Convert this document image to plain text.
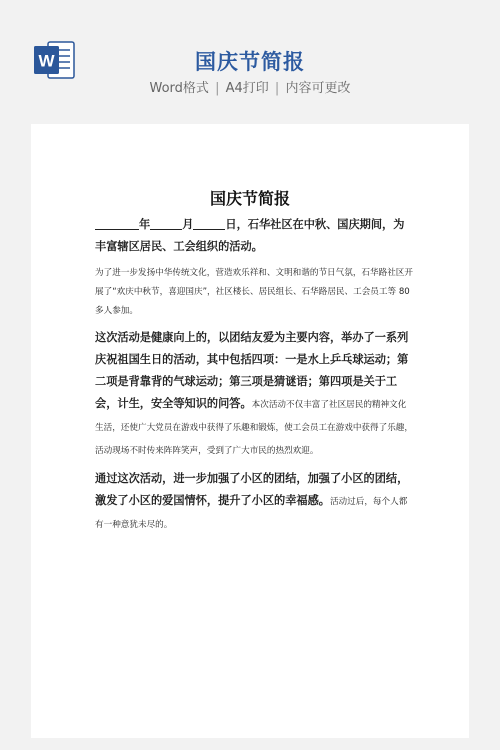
W	国庆节简报
Word格式 | A4打印 | 内容可更改
国庆节简报

年	月	日，石华社区在中秋、国庆期间，为丰富辖区居民、工会组织的活动。

为了进一步发扬中华传统文化，营造欢乐祥和、文明和谐的节日气氛，石华路社区开展了“欢庆中秋节，喜迎国庆”，社区楼长、居民组长、石华路居民、工会员工等 80 多人参加。

这次活动是健康向上的，以团结友爱为主要内容，举办了一系列庆祝祖国生日的活动，其中包括四项：一是水上乒乓球运动；第二项是背靠背的气球运动；第三项是猜谜语；第四项是关于工会，计生，安全等知识的问答。本次活动不仅丰富了社区居民的精神文化生活，还使广大党员在游戏中获得了乐趣和锻炼，使工会员工在游戏中获得了乐趣，活动现场不时传来阵阵笑声，受到了广大市民的热烈欢迎。

通过这次活动，进一步加强了小区的团结，加强了小区的团结，激发了小区的爱国情怀，提升了小区的幸福感。活动过后，每个人都有一种意犹未尽的。
